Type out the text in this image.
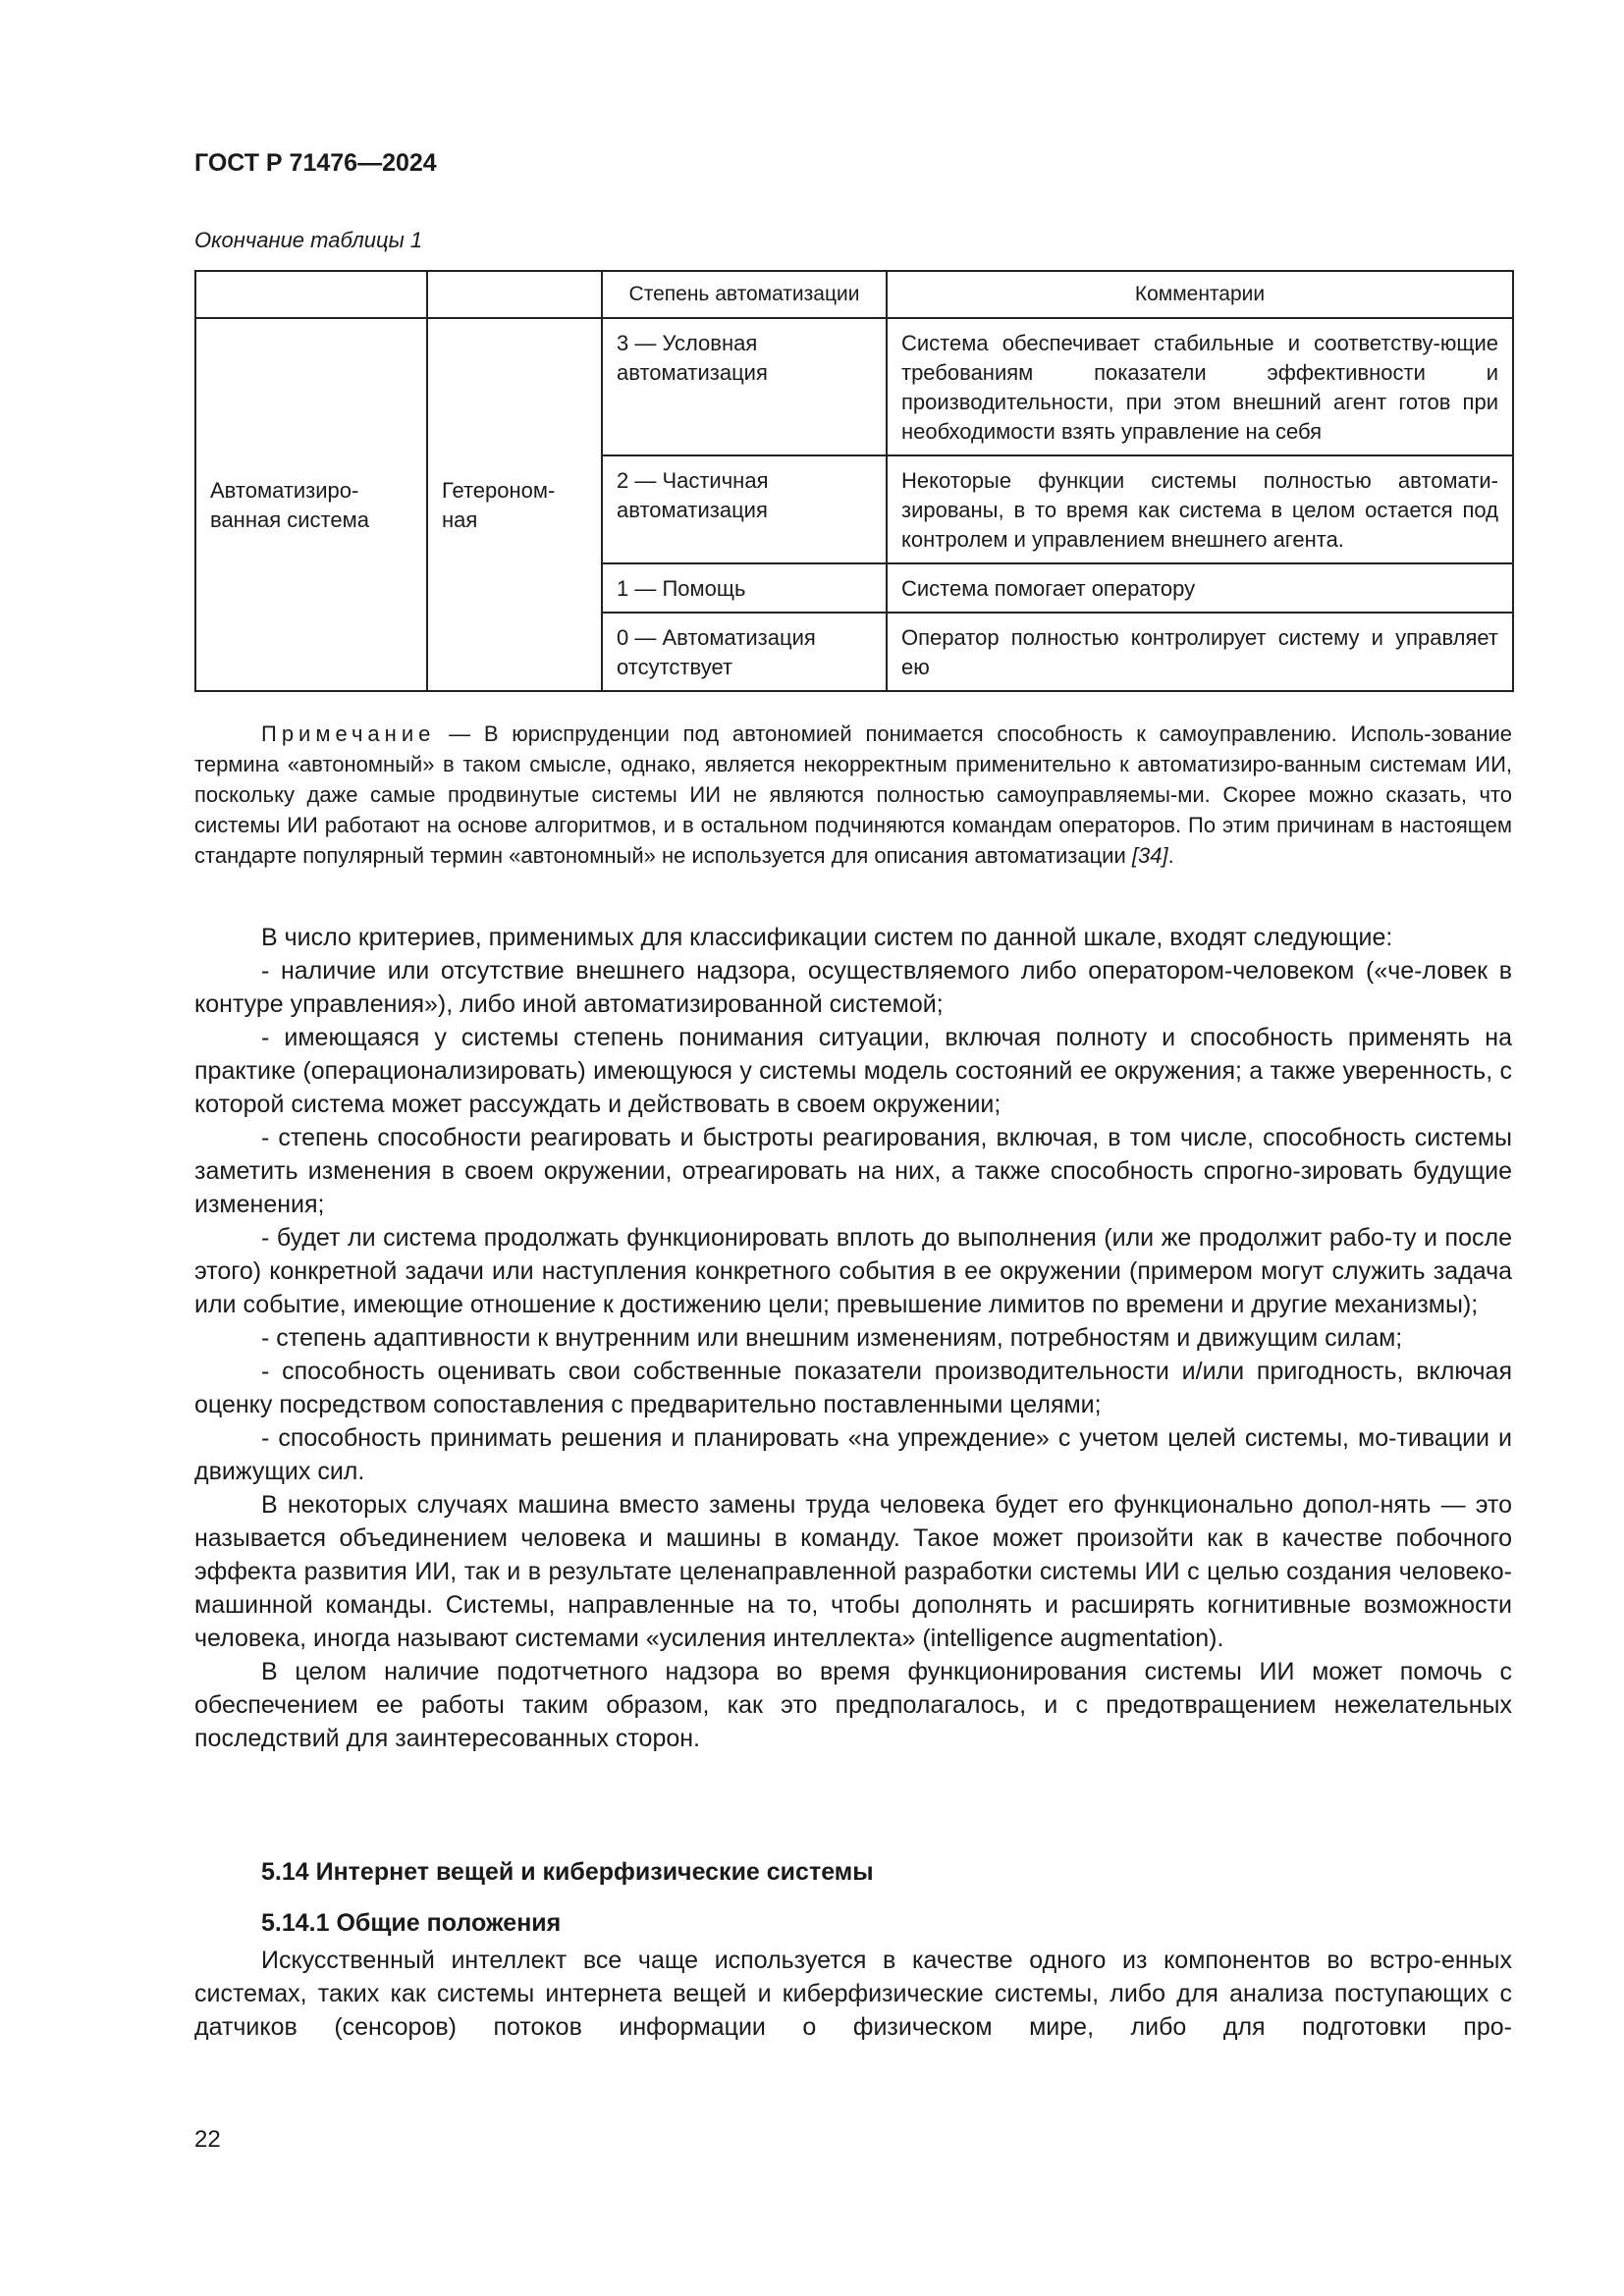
ГОСТ Р 71476—2024
Окончание таблицы 1
		Степень автоматизации	Комментарии
Автоматизиро-ванная система	Гетероном-ная	3 — Условная автоматизация	Система обеспечивает стабильные и соответству-ющие требованиям показатели эффективности и производительности, при этом внешний агент готов при необходимости взять управление на себя
		2 — Частичная автоматизация	Некоторые функции системы полностью автомати-зированы, в то время как система в целом остается под контролем и управлением внешнего агента.
		1 — Помощь	Система помогает оператору
		0 — Автоматизация отсутствует	Оператор полностью контролирует систему и управляет ею

Примечание — В юриспруденции под автономией понимается способность к самоуправлению. Исполь-зование термина «автономный» в таком смысле, однако, является некорректным применительно к автоматизиро-ванным системам ИИ, поскольку даже самые продвинутые системы ИИ не являются полностью самоуправляемы-ми. Скорее можно сказать, что системы ИИ работают на основе алгоритмов, и в остальном подчиняются командам операторов. По этим причинам в настоящем стандарте популярный термин «автономный» не используется для описания автоматизации [34].

В число критериев, применимых для классификации систем по данной шкале, входят следующие:

- наличие или отсутствие внешнего надзора, осуществляемого либо оператором-человеком («че-ловек в контуре управления»), либо иной автоматизированной системой;

- имеющаяся у системы степень понимания ситуации, включая полноту и способность применять на практике (операционализировать) имеющуюся у системы модель состояний ее окружения; а также уверенность, с которой система может рассуждать и действовать в своем окружении;

- степень способности реагировать и быстроты реагирования, включая, в том числе, способность системы заметить изменения в своем окружении, отреагировать на них, а также способность спрогно-зировать будущие изменения;

- будет ли система продолжать функционировать вплоть до выполнения (или же продолжит рабо-ту и после этого) конкретной задачи или наступления конкретного события в ее окружении (примером могут служить задача или событие, имеющие отношение к достижению цели; превышение лимитов по времени и другие механизмы);

- степень адаптивности к внутренним или внешним изменениям, потребностям и движущим силам;

- способность оценивать свои собственные показатели производительности и/или пригодность, включая оценку посредством сопоставления с предварительно поставленными целями;

- способность принимать решения и планировать «на упреждение» с учетом целей системы, мо-тивации и движущих сил.

В некоторых случаях машина вместо замены труда человека будет его функционально допол-нять — это называется объединением человека и машины в команду. Такое может произойти как в качестве побочного эффекта развития ИИ, так и в результате целенаправленной разработки системы ИИ с целью создания человеко-машинной команды. Системы, направленные на то, чтобы дополнять и расширять когнитивные возможности человека, иногда называют системами «усиления интеллекта» (intelligence augmentation).

В целом наличие подотчетного надзора во время функционирования системы ИИ может помочь с обеспечением ее работы таким образом, как это предполагалось, и с предотвращением нежелательных последствий для заинтересованных сторон.

5.14 Интернет вещей и киберфизические системы
5.14.1 Общие положения

Искусственный интеллект все чаще используется в качестве одного из компонентов во встро-енных системах, таких как системы интернета вещей и киберфизические системы, либо для анализа поступающих с датчиков (сенсоров) потоков информации о физическом мире, либо для подготовки про-

22
